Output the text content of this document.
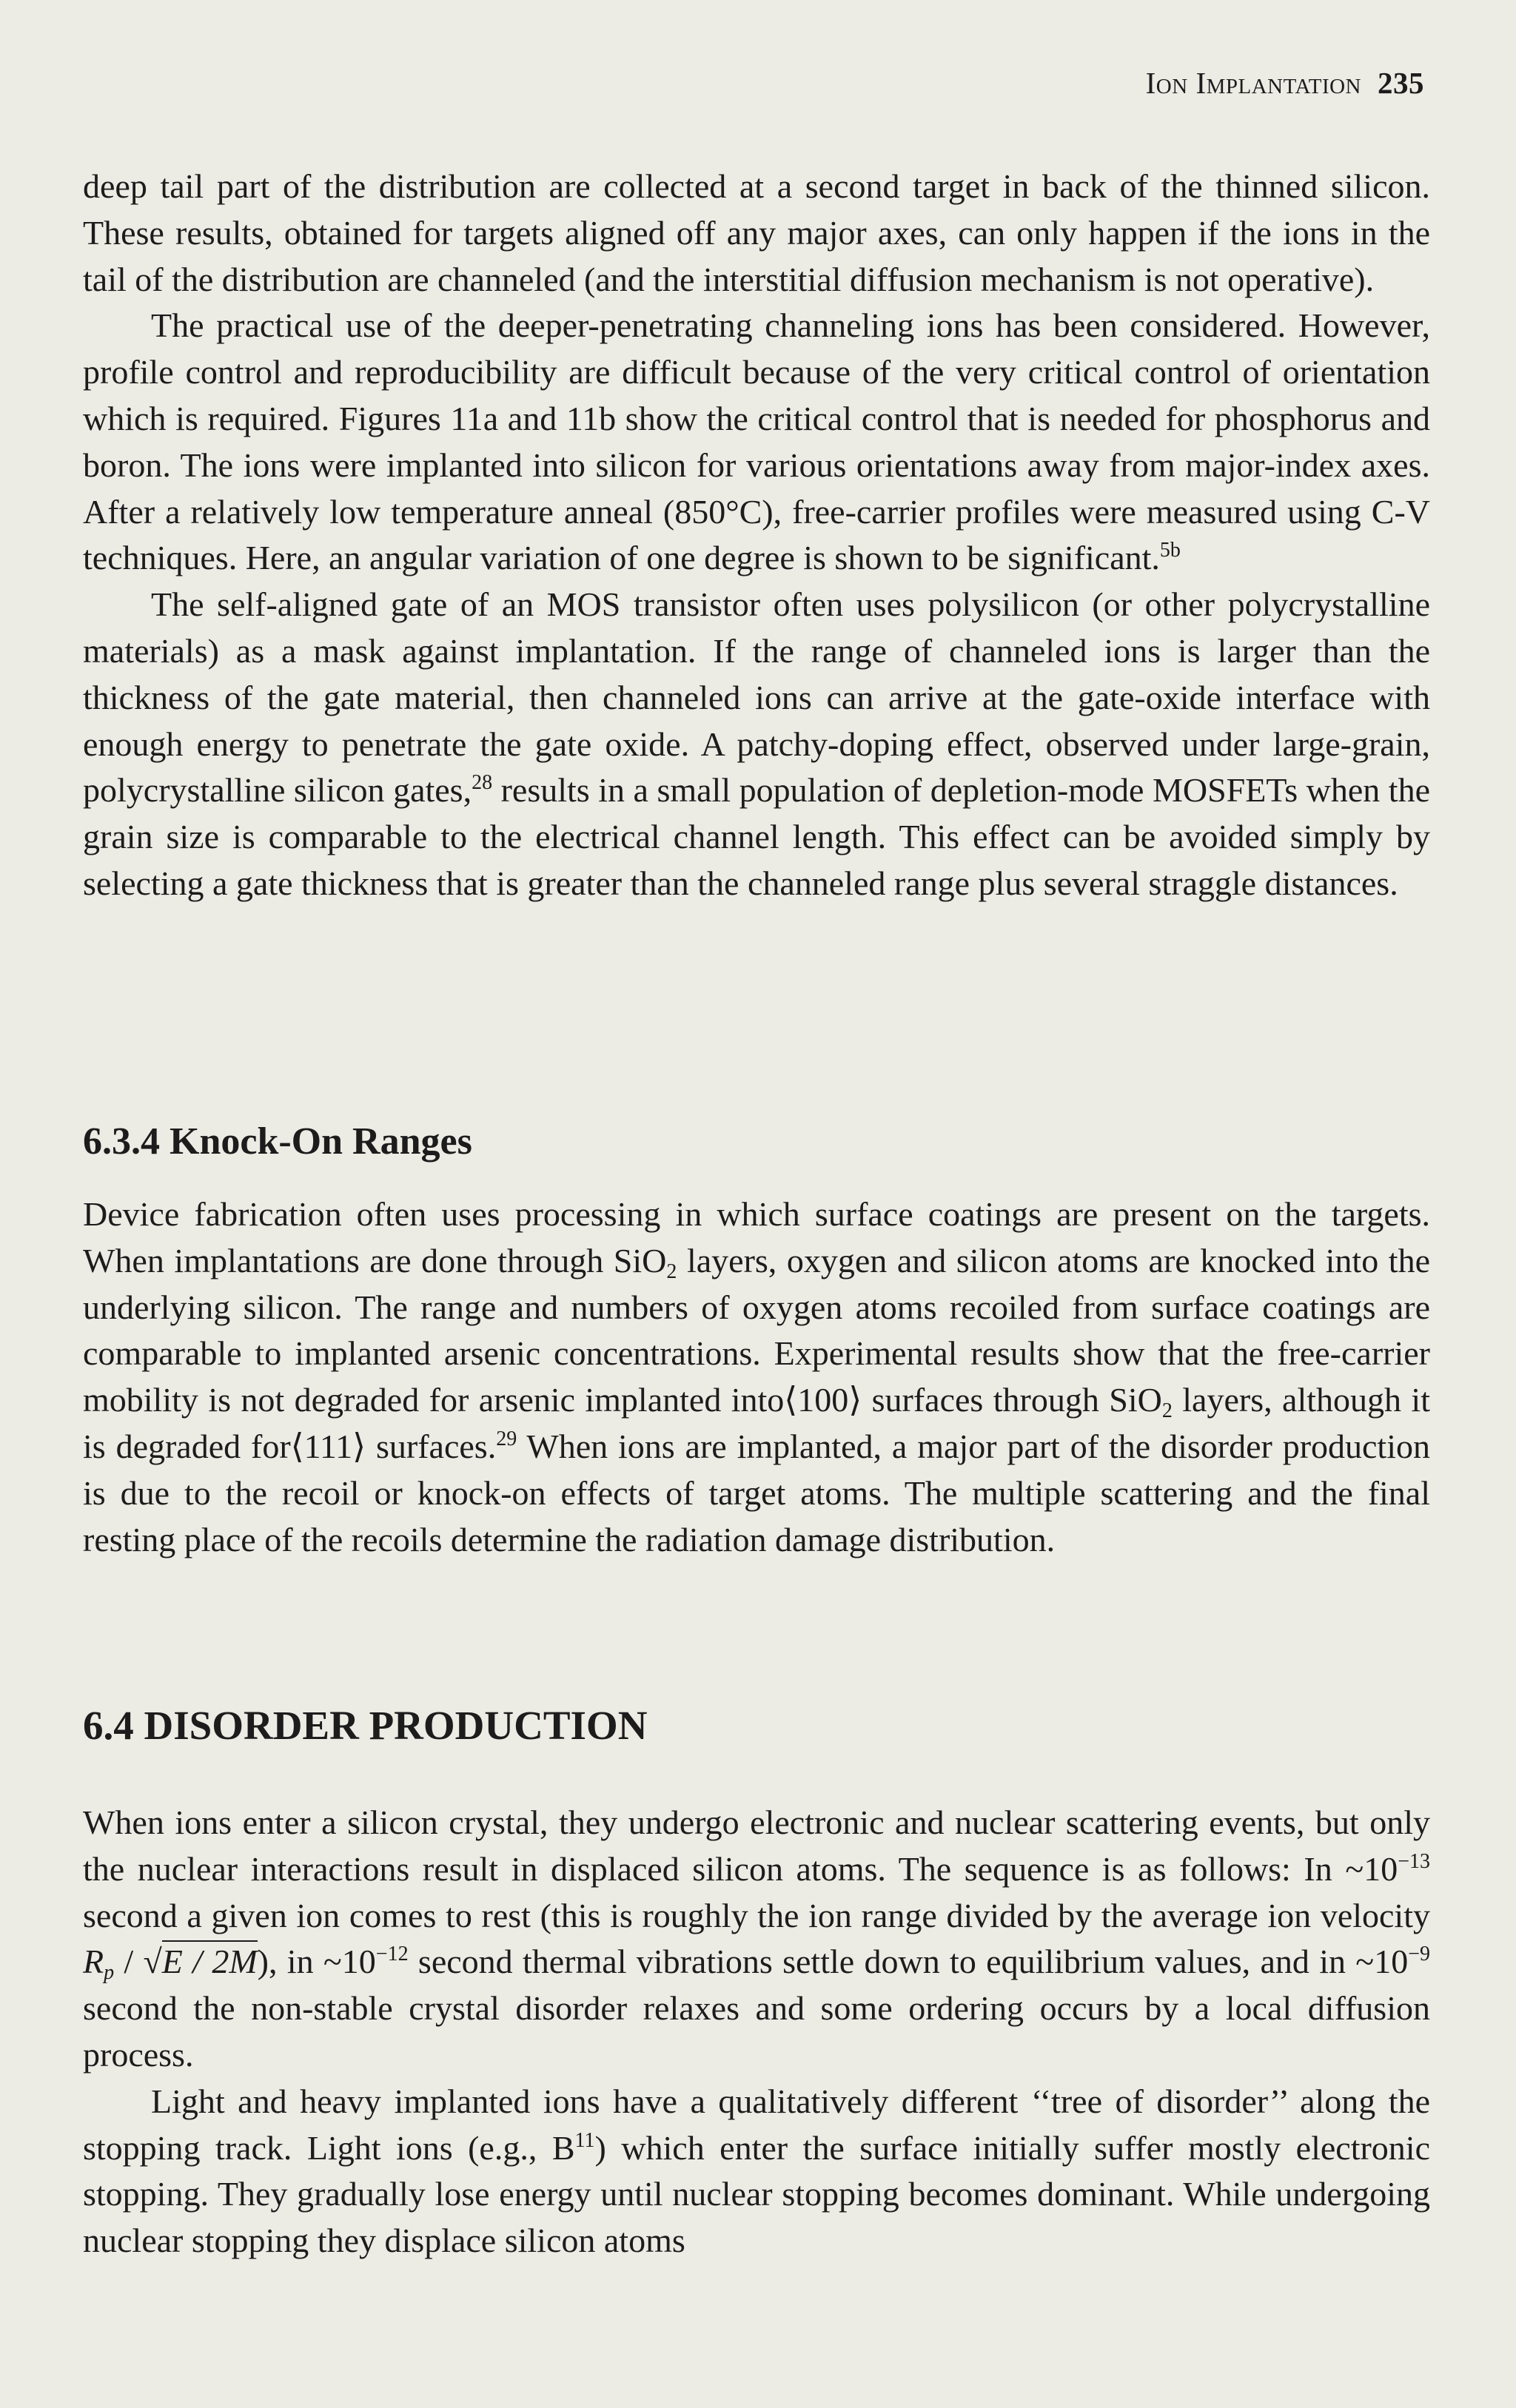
Ion Implantation 235

deep tail part of the distribution are collected at a second target in back of the thinned silicon. These results, obtained for targets aligned off any major axes, can only happen if the ions in the tail of the distribution are channeled (and the interstitial diffusion mechanism is not operative).

The practical use of the deeper-penetrating channeling ions has been considered. However, profile control and reproducibility are difficult because of the very critical control of orientation which is required. Figures 11a and 11b show the critical control that is needed for phosphorus and boron. The ions were implanted into silicon for various orientations away from major-index axes. After a relatively low temperature anneal (850°C), free-carrier profiles were measured using C-V techniques. Here, an angular variation of one degree is shown to be significant.$^{5b}$

The self-aligned gate of an MOS transistor often uses polysilicon (or other polycrystalline materials) as a mask against implantation. If the range of channeled ions is larger than the thickness of the gate material, then channeled ions can arrive at the gate-oxide interface with enough energy to penetrate the gate oxide. A patchy-doping effect, observed under large-grain, polycrystalline silicon gates,$^{28}$ results in a small population of depletion-mode MOSFETs when the grain size is comparable to the electrical channel length. This effect can be avoided simply by selecting a gate thickness that is greater than the channeled range plus several straggle distances.

6.3.4 Knock-On Ranges

Device fabrication often uses processing in which surface coatings are present on the targets. When implantations are done through SiO$_2$ layers, oxygen and silicon atoms are knocked into the underlying silicon. The range and numbers of oxygen atoms recoiled from surface coatings are comparable to implanted arsenic concentrations. Experimental results show that the free-carrier mobility is not degraded for arsenic implanted into⟨100⟩ surfaces through SiO$_2$ layers, although it is degraded for⟨111⟩ surfaces.$^{29}$ When ions are implanted, a major part of the disorder production is due to the recoil or knock-on effects of target atoms. The multiple scattering and the final resting place of the recoils determine the radiation damage distribution.

6.4 DISORDER PRODUCTION

When ions enter a silicon crystal, they undergo electronic and nuclear scattering events, but only the nuclear interactions result in displaced silicon atoms. The sequence is as follows: In $\sim 10^{-13}$ second a given ion comes to rest (this is roughly the ion range divided by the average ion velocity $R_p / √E / 2M$), in $\sim 10^{-12}$ second thermal vibrations settle down to equilibrium values, and in $\sim 10^{-9}$ second the non-stable crystal disorder relaxes and some ordering occurs by a local diffusion process.

Light and heavy implanted ions have a qualitatively different ‘‘tree of disorder’’ along the stopping track. Light ions (e.g., $B^{11}$) which enter the surface initially suffer mostly electronic stopping. They gradually lose energy until nuclear stopping becomes dominant. While undergoing nuclear stopping they displace silicon atoms
